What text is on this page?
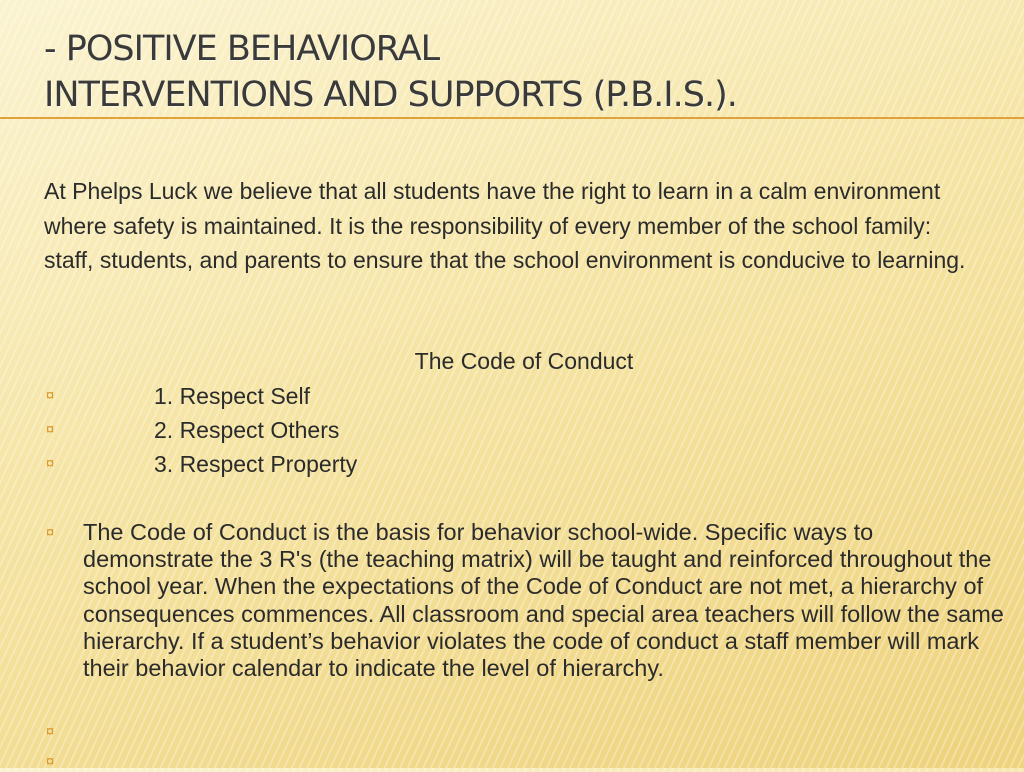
- POSITIVE BEHAVIORAL
INTERVENTIONS AND SUPPORTS (P.B.I.S.).

At Phelps Luck we believe that all students have the right to learn in a calm environment where safety is maintained. It is the responsibility of every member of the school family: staff, students, and parents to ensure that the school environment is conducive to learning.

The Code of Conduct

¤	1. Respect Self
¤	2. Respect Others
¤	3. Respect Property
¤ The Code of Conduct is the basis for behavior school-wide. Specific ways to demonstrate the 3 R's (the teaching matrix) will be taught and reinforced throughout the school year. When the expectations of the Code of Conduct are not met, a hierarchy of consequences commences. All classroom and special area teachers will follow the same hierarchy. If a student’s behavior violates the code of conduct a staff member will mark their behavior calendar to indicate the level of hierarchy.

¤
¤
